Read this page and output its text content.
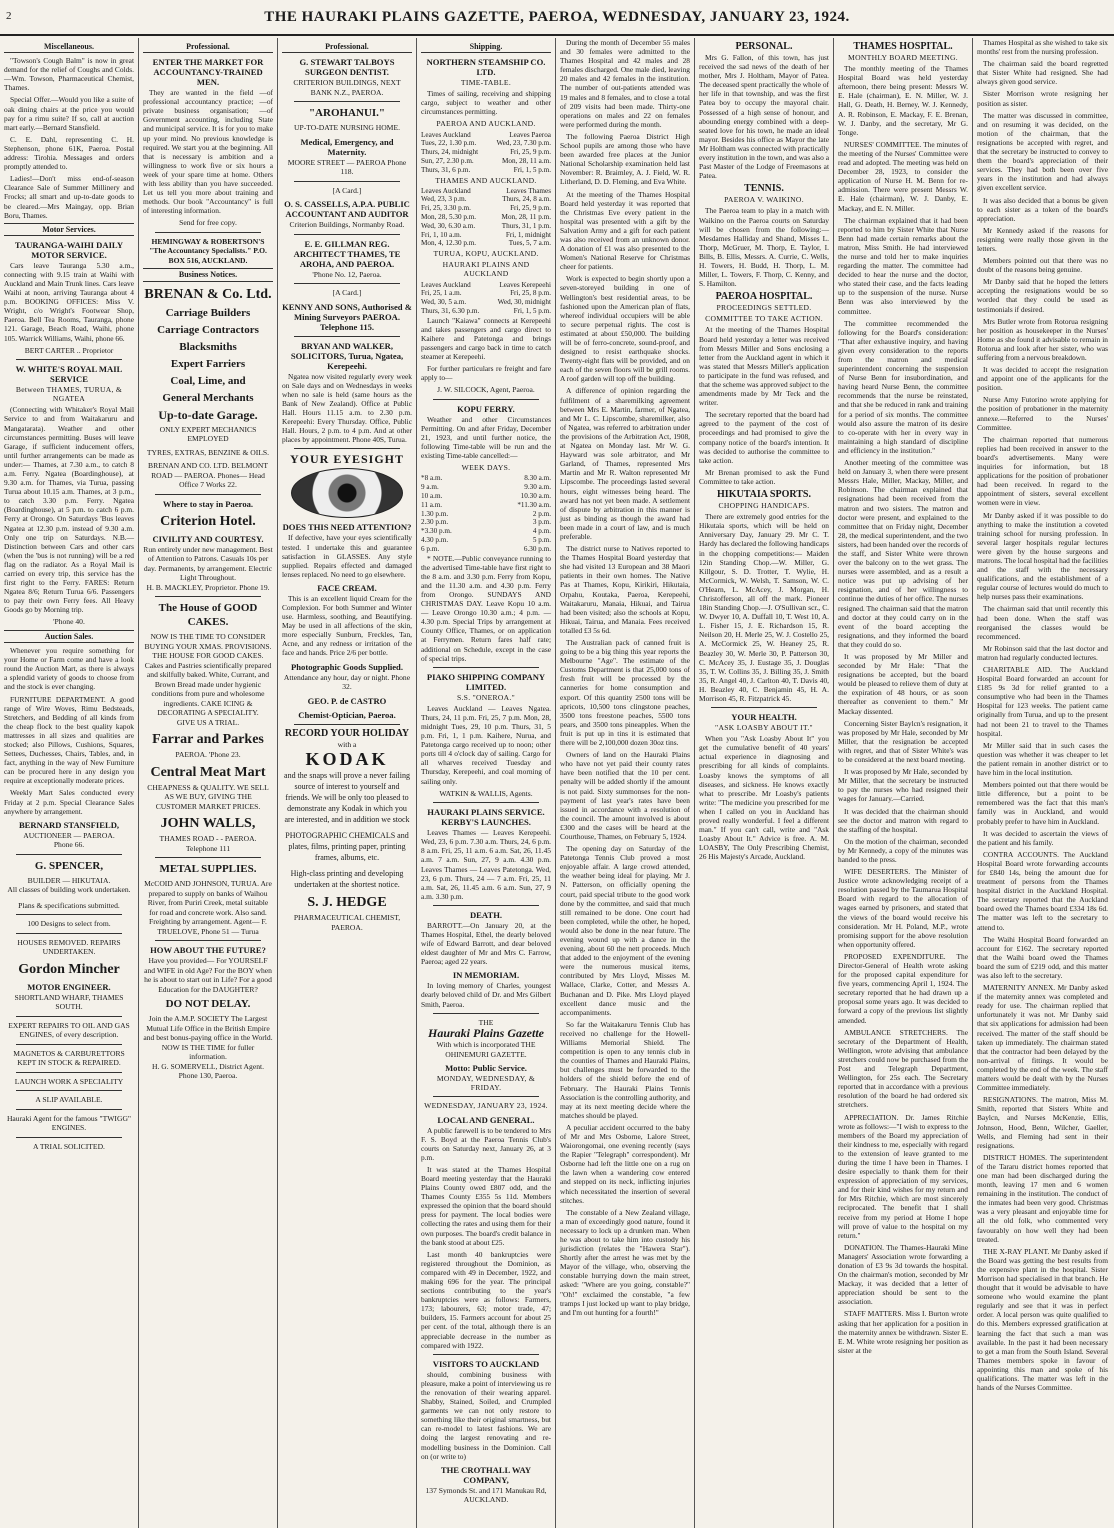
2	THE HAURAKI PLAINS GAZETTE, PAEROA, WEDNESDAY, JANUARY 23, 1924.
Miscellaneous.
"Towson's Cough Balm" is now in great demand for the relief of Coughs and Colds.—Wm. Towson, Pharmaceutical Chemist, Thames.
Special Offer.—Would you like a suite of oak dining chairs at the price you would pay for a rimu suite? If so, call at auction mart early.—Bernard Stansfield.
C. E. Dahl, representing C. H. Stephenson, phone 61K, Paeroa. Postal address: Tirohia. Messages and orders promptly attended to.
Ladies!—Don't miss end-of-season Clearance Sale of Summer Millinery and Frocks; all smart and up-to-date goods to be cleared.—Mrs Maingay, opp. Brian Boru, Thames.
Motor Services.
TAURANGA-WAIHI DAILY MOTOR SERVICE.
Cars leave Tauranga 5.30 a.m., connecting with 9.15 train at Waihi with Auckland and Main Trunk lines. Cars leave Waihi at noon, arriving Tauranga about 4 p.m. BOOKING OFFICES: Miss V. Wright, c/o Wright's Footwear Shop, Paeroa. Bell Tea Rooms, Tauranga, phone 121. Garage, Beach Road, Waihi, phone 105. Warrick Williams, Waihi, phone 66.
BERT CARTER .. Proprietor
W. WHITE'S ROYAL MAIL SERVICE
Between THAMES, TURUA, & NGATEA
(Connecting with Whitaker's Royal Mail Service to and from Waitakaruru and Mangatarata). Weather and other circumstances permitting. Buses will leave Garage, if sufficient inducement offers, until further arrangements can be made as under:— Thames, at 7.30 a.m., to catch 8 a.m. Ferry. Ngatea (Boardinghouse), at 9.30 a.m. for Thames, via Turua, passing Turua about 10.15 a.m. Thames, at 3 p.m., to catch 3.30 p.m. Ferry. Ngatea (Boardinghouse), at 5 p.m. to catch 6 p.m. Ferry at Orongo. On Saturdays 'Bus leaves Ngatea at 12.30 p.m. instead of 9.30 a.m. Only one trip on Saturdays. N.B.—Distinction between Cars and other cars (when the 'bus is not running) will be a red flag on the radiator. As a Royal Mail is carried on every trip, this service has the first right to the Ferry. FARES: Return Ngatea 8/6; Return Turua 6/6. Passengers to pay their own Ferry fees. All Heavy Goods go by Morning trip.
'Phone 40.
Auction Sales.
Whenever you require something for your Home or Farm come and have a look round the Auction Mart, as there is always a splendid variety of goods to choose from and the stock is ever changing.
FURNITURE DEPARTMENT. A good range of Wire Woves, Rimu Bedsteads, Stretchers, and Bedding of all kinds from the cheap flock to the best quality kapok mattresses in all sizes and qualities are stocked; also Pillows, Cushions, Squares, Settees, Duchesses, Chairs, Tables, and, in fact, anything in the way of New Furniture can be procured here in any design you require at exceptionally moderate prices.
Weekly Mart Sales conducted every Friday at 2 p.m. Special Clearance Sales anywhere by arrangement.
BERNARD STANSFIELD,
AUCTIONEER — PAEROA.
Phone 66.
G. SPENCER,
BUILDER — HIKUTAIA.
All classes of building work undertaken.
Plans & specifications submitted.
100 Designs to select from.
HOUSES REMOVED. REPAIRS UNDERTAKEN.
Gordon Mincher
MOTOR ENGINEER.
SHORTLAND WHARF, THAMES SOUTH.
EXPERT REPAIRS TO OIL AND GAS ENGINES, of every description.
MAGNETOS & CARBURETTORS KEPT IN STOCK & REPAIRED.
LAUNCH WORK A SPECIALITY
A SLIP AVAILABLE.
Hauraki Agent for the famous "TWIGG" ENGINES.
A TRIAL SOLICITED.
Professional.
ENTER THE MARKET FOR ACCOUNTANCY-TRAINED MEN.
They are wanted in the field —of professional accountancy practice; —of private business organisation; —of Government accounting, including State and municipal service. It is for you to make up your mind. No previous knowledge is required. We start you at the beginning. All that is necessary is ambition and a willingness to work five or six hours a week of your spare time at home. Others with less ability than you have succeeded. Let us tell you more about training and methods. Our book "Accountancy" is full of interesting information.
Send for free copy.
HEMINGWAY & ROBERTSON'S "The Accountancy Specialists." P.O. BOX 516, AUCKLAND.
Business Notices.
BRENAN & Co. Ltd.
Carriage Builders
Carriage Contractors
Blacksmiths
Expert Farriers
Coal, Lime, and
General Merchants
Up-to-date Garage.
ONLY EXPERT MECHANICS EMPLOYED
TYRES, EXTRAS, BENZINE & OILS.
BRENAN AND CO. LTD. BELMONT ROAD — PAEROA. Phones— Head Office 7 Works 22.
Where to stay in Paeroa.
Criterion Hotel.
CIVILITY AND COURTESY.
Run entirely under new management. Best of Attention to Patrons. Casuals 10s per day. Permanents, by arrangement. Electric Light Throughout.
H. B. MACKLEY, Proprietor. Phone 19.
The House of GOOD CAKES.
NOW IS THE TIME TO CONSIDER BUYING YOUR XMAS. PROVISIONS. THE HOUSE FOR GOOD CAKES. Cakes and Pastries scientifically prepared and skilfully baked. White, Currant, and Brown Bread made under hygienic conditions from pure and wholesome ingredients. CAKE ICING & DECORATING A SPECIALITY.
GIVE US A TRIAL.
Farrar and Parkes
PAEROA. 'Phone 23.
Central Meat Mart
CHEAPNESS & QUALITY. WE SELL AS WE BUY, GIVING THE CUSTOMER MARKET PRICES.
JOHN WALLS,
THAMES ROAD - - PAEROA. Telephone 111
METAL SUPPLIES.
McCOID AND JOHNSON, TURUA. Are prepared to supply on banks of Waihou River, from Puriri Creek, metal suitable for road and concrete work. Also sand. Freighting by arrangement. Agent— F. TRUELOVE, Phone 51 — Turua
HOW ABOUT THE FUTURE?
Have you provided— For YOURSELF and WIFE in old Age? For the BOY when he is about to start out in Life? For a good Education for the DAUGHTER?
DO NOT DELAY.
Join the A.M.P. SOCIETY The Largest Mutual Life Office in the British Empire and best bonus-paying office in the World.
NOW IS THE TIME for fuller information.
H. G. SOMERVELL, District Agent. Phone 130, Paeroa.
Professional.
G. STEWART TALBOYS SURGEON DENTIST.
CRITERION BUILDINGS, NEXT BANK N.Z., PAEROA.
"AROHANUI."
UP-TO-DATE NURSING HOME.
Medical, Emergency, and Maternity.
MOORE STREET — PAEROA Phone 118.
[A Card.]
O. S. CASSELLS, A.P.A. PUBLIC ACCOUNTANT AND AUDITOR
Criterion Buildings, Normanby Road.
E. E. GILLMAN REG. ARCHITECT THAMES, TE AROHA, AND PAEROA.
'Phone No. 12, Paeroa.
[A Card.]
KENNY AND SONS, Authorised & Mining Surveyors PAEROA. Telephone 115.
BRYAN AND WALKER, SOLICITORS, Turua, Ngatea, Kerepeehi.
Ngatea now visited regularly every week on Sale days and on Wednesdays in weeks when no sale is held (same hours as the Bank of New Zealand). Office at Public Hall. Hours 11.15 a.m. to 2.30 p.m. Kerepeehi: Every Thursday. Office, Public Hall. Hours, 2 p.m. to 4 p.m. And at other places by appointment. Phone 40S, Turua.
YOUR EYESIGHT
DOES THIS NEED ATTENTION?
If defective, have your eyes scientifically tested. I undertake this and guarantee satisfaction in GLASSES. Any style supplied. Repairs effected and damaged lenses replaced. No need to go elsewhere.
FACE CREAM.
This is an excellent liquid Cream for the Complexion. For both Summer and Winter use. Harmless, soothing, and Beautifying. May be used in all affections of the skin, more especially Sunburn, Freckles, Tan, Acne, and any redness or irritation of the face and hands. Price 2/6 per bottle.
Photographic Goods Supplied.
Attendance any hour, day or night. Phone 32.
GEO. P. de CASTRO
Chemist-Optician, Paeroa.
RECORD YOUR HOLIDAY
with a
KODAK
and the snaps will prove a never failing source of interest to yourself and friends. We will be only too pleased to demonstrate any Kodak in which you are interested, and in addition we stock
PHOTOGRAPHIC CHEMICALS and plates, films, printing paper, printing frames, albums, etc.
High-class printing and developing undertaken at the shortest notice.
S. J. HEDGE
PHARMACEUTICAL CHEMIST, PAEROA.
Shipping.
NORTHERN STEAMSHIP CO. LTD.
TIME-TABLE.
Times of sailing, receiving and shipping cargo, subject to weather and other circumstances permitting.
PAEROA AND AUCKLAND.
Leaves Auckland	Leaves Paeroa
Tues, 22, 1.30 p.m.	Wed, 23, 7.30 p.m.
Thurs, 24, midnight	Fri, 25, 9 p.m.
Sun, 27, 2.30 p.m.	Mon, 28, 11 a.m.
Thurs, 31, 6 p.m.	Fri, 1, 5 p.m.
THAMES AND AUCKLAND.
Leaves Auckland	Leaves Thames
Wed, 23, 3 p.m.	Thurs, 24, 8 a.m.
Fri, 25, 3.30 p.m.	Fri, 25, 9 p.m.
Mon, 28, 5.30 p.m.	Mon, 28, 11 p.m.
Wed, 30, 6.30 a.m.	Thurs, 31, 1 p.m.
Fri, 1, 10 a.m.	Fri, 1, midnight
Mon, 4, 12.30 p.m.	Tues, 5, 7 a.m.
TURUA, KOPU, AUCKLAND.
HAURAKI PLAINS AND AUCKLAND
Leaves Auckland	Leaves Kerepeehi
Fri, 25, 1 a.m.	Fri, 25, 8 p.m.
Wed, 30, 5 a.m.	Wed, 30, midnight
Thurs, 31, 6.30 p.m.	Fri, 1, 5 p.m.
Launch "Kaiawa" connects at Kerepeehi and takes passengers and cargo direct to Kaihere and Patetonga and brings passengers and cargo back in time to catch steamer at Kerepeehi.
For further particulars re freight and fare apply to—
J. W. SILCOCK, Agent, Paeroa.
KOPU FERRY.
Weather and other Circumstances Permitting. On and after Friday, December 21, 1923, and until further notice, the following Time-table will be run and the existing Time-table cancelled:—
WEEK DAYS.
*8 a.m.	8.30 a.m.
9 a.m.	9.30 a.m.
10 a.m.	10.30 a.m.
11 a.m.	*11.30 a.m.
1.30 p.m.	2 p.m.
2.30 p.m.	3 p.m.
*3.30 p.m.	4 p.m.
4.30 p.m.	5 p.m.
6 p.m.	6.30 p.m.
* NOTE.—Public conveyance running to the advertised Time-table have first right to the 8 a.m. and 3.30 p.m. Ferry from Kopu, and the 11.30 a.m. and 4.30 p.m. Ferry from Orongo. SUNDAYS AND CHRISTMAS DAY. Leave Kopu 10 a.m. — Leave Orongo 10.30 a.m.; 4 p.m. — 4.30 p.m. Special Trips by arrangement at County Office, Thames, or on application at Ferrymen. Return fares half rate; additional on Schedule, except in the case of special trips.
PIAKO SHIPPING COMPANY LIMITED.
S.S. "ONEROA."
Leaves Auckland — Leaves Ngatea. Thurs, 24, 11 p.m. Fri, 25, 7 p.m. Mon, 28, midnight Tues, 29, 10 p.m. Thurs, 31, 5 p.m. Fri, 1, 1 p.m. Kaihere, Nurua, and Patetonga cargo received up to noon; other ports till 4 o'clock day of sailing. Cargo for all wharves received Tuesday and Thursday, Kerepeehi, and coal morning of sailing only.
WATKIN & WALLIS, Agents.
HAURAKI PLAINS SERVICE. KERBY'S LAUNCHES.
Leaves Thames — Leaves Kerepeehi. Wed, 23, 6 p.m. 7.30 a.m. Thurs, 24, 6 p.m. 8 a.m. Fri, 25, 11 a.m. 6 a.m. Sat, 26, 11.45 a.m. 7 a.m. Sun, 27, 9 a.m. 4.30 p.m. Leaves Thames — Leaves Patetonga. Wed, 23, 6 p.m. Thurs, 24 — 7 a.m. Fri, 25, 11 a.m. Sat, 26, 11.45 a.m. 6 a.m. Sun, 27, 9 a.m. 3.30 p.m.
DEATH.
BARROTT.—On January 20, at the Thames Hospital, Ethel, the dearly beloved wife of Edward Barrott, and dear beloved eldest daughter of Mr and Mrs C. Farrow, Paeroa; aged 22 years.
IN MEMORIAM.
In loving memory of Charles, youngest dearly beloved child of Dr. and Mrs Gilbert Smith, Paeroa.
THE
Hauraki Plains Gazette
With which is incorporated THE OHINEMURI GAZETTE.
Motto: Public Service.
MONDAY, WEDNESDAY, & FRIDAY.
WEDNESDAY, JANUARY 23, 1924.
LOCAL AND GENERAL.
A public farewell is to be tendered to Mrs F. S. Boyd at the Paeroa Tennis Club's courts on Saturday next, January 26, at 3 p.m.
It was stated at the Thames Hospital Board meeting yesterday that the Hauraki Plains County owed £807 odd, and the Thames County £355 5s 11d. Members expressed the opinion that the board should press for payment. The local bodies were collecting the rates and using them for their own purposes. The board's credit balance in the bank stood at about £25.
Last month 40 bankruptcies were registered throughout the Dominion, as compared with 49 in December, 1922, and making 696 for the year. The principal sections contributing to the year's bankruptcies were as follows: Farmers, 173; labourers, 63; motor trade, 47; builders, 15. Farmers account for about 25 per cent. of the total, although there is an appreciable decrease in the number as compared with 1922.
VISITORS TO AUCKLAND
should, combining business with pleasure, make a point of interviewing us re the renovation of their wearing apparel. Shabby, Stained, Soiled, and Crumpled garments we can not only restore to something like their original smartness, but can re-model to latest fashions. We are doing the largest renovating and re-modelling business in the Dominion. Call on (or write to)
THE CROTHALL WAY COMPANY,
137 Symonds St. and 171 Manukau Rd, AUCKLAND.
During the month of December 55 males and 30 females were admitted to the Thames Hospital and 42 males and 28 females discharged. One male died, leaving 20 males and 42 females in the institution. The number of out-patients attended was 19 males and 8 females, and to close a total of 209 visits had been made. Thirty-one operations on males and 22 on females were performed during the month.
The following Paeroa District High School pupils are among those who have been awarded free places at the Junior National Scholarship examination held last November: R. Braimley, A. J. Field, W. R. Litherland, D. D. Fleming, and Eva White.
At the meeting of the Thames Hospital Board held yesterday it was reported that the Christmas Eve every patient in the hospital was presented with a gift by the Salvation Army and a gift for each patient was also received from an unknown donor. A donation of £1 was also presented to the Women's National Reserve for Christmas cheer for patients.
Work is expected to begin shortly upon a seven-storeyed building in one of Wellington's best residential areas, to be fashioned upon the American plan of flats, whereof individual occupiers will be able to secure perpetual rights. The cost is estimated at about £50,000. The building will be of ferro-concrete, sound-proof, and designed to resist earthquake shocks. Twenty-eight flats will be provided, and on each of the seven floors will be grill rooms. A roof garden will top off the building.
A difference of opinion regarding the fulfilment of a sharemilking agreement between Mrs E. Martin, farmer, of Ngatea, and Mr L. C. Lipscombe, sharemilker, also of Ngatea, was referred to arbitration under the provisions of the Arbitration Act, 1908, at Ngatea on Monday last. Mr W. G. Hayward was sole arbitrator, and Mr Garland, of Thames, represented Mrs Martin and Mr R. Walton represented Mr Lipscombe. The proceedings lasted several hours, eight witnesses being heard. The award has not yet been made. A settlement of dispute by arbitration in this manner is just as binding as though the award had been made in a court of law, and is much preferable.
The district nurse to Natives reported to the Thames Hospital Board yesterday that she had visited 13 European and 38 Maori patients in their own homes. The Native Pas at Thames, Kopu, Kirikiri, Hikutaia, Orpahu, Koutaka, Paeroa, Kerepeehi, Waitakaruru, Manaia, Hikuai, and Tairua had been visited; also the schools at Kopu, Hikuai, Tairua, and Manaia. Fees received totalled £3 5s 6d.
The Australian pack of canned fruit is going to be a big thing this year reports the Melbourne "Age". The estimate of the Customs Department is that 25,000 tons of fresh fruit will be processed by the canneries for home consumption and export. Of this quantity 2500 tons will be apricots, 10,500 tons clingstone peaches, 3500 tons freestone peaches, 5500 tons pears, and 3500 tons pineapples. When the fruit is put up in tins it is estimated that there will be 2,100,000 dozen 30oz tins.
Owners of land on the Hauraki Plains who have not yet paid their county rates have been notified that the 10 per cent. penalty will be added shortly if the amount is not paid. Sixty summonses for the non-payment of last year's rates have been issued in accordance with a resolution of the council. The amount involved is about £300 and the cases will be heard at the Courthouse, Thames, on February 5, 1924.
The opening day on Saturday of the Patetonga Tennis Club proved a most enjoyable affair. A large crowd attended, the weather being ideal for playing. Mr J. N. Patterson, on officially opening the court, paid special tribute to the good work done by the committee, and said that much still remained to be done. One court had been completed, while the other, he hoped, would also be done in the near future. The evening wound up with a dance in the evening, about 60 the nett proceeds. Much that added to the enjoyment of the evening were the numerous musical items, contributed by Mrs Lloyd, Misses M. Wallace, Clarke, Cotter, and Messrs A. Buchanan and D. Pike. Mrs Lloyd played excellent dance music and the accompaniments.
So far the Waitakaruru Tennis Club has received no challenge for the Howell-Williams Memorial Shield. The competition is open to any tennis club in the counties of Thames and Hauraki Plains, but challenges must be forwarded to the holders of the shield before the end of February. The Hauraki Plains Tennis Association is the controlling authority, and may at its next meeting decide where the matches should be played.
A peculiar accident occurred to the baby of Mr and Mrs Osborne, Lalore Street, Waiorongomai, one evening recently (says the Rapier "Telegraph" correspondent). Mr Osborne had left the little one on a rug on the lawn when a wandering cow entered and stepped on its neck, inflicting injuries which necessitated the insertion of several stitches.
The constable of a New Zealand village, a man of exceedingly good nature, found it necessary to lock up a drunken man. When he was about to take him into custody his jurisdiction (relates the "Hawera Star"). Shortly after the arrest he was met by the Mayor of the village, who, observing the constable hurrying down the main street, asked: "Where are you going, constable?" "Oh!" exclaimed the constable, "a few tramps I just locked up want to play bridge, and I'm out hunting for a fourth!"
PERSONAL.
Mrs G. Fallon, of this town, has just received the sad news of the death of her mother, Mrs J. Holtham, Mayor of Patea. The deceased spent practically the whole of her life in that township, and was the first Patea boy to occupy the mayoral chair. Possessed of a high sense of honour, and abounding energy combined with a deep-seated love for his town, he made an ideal mayor. Besides his office as Mayor the late Mr Holtham was connected with practically every institution in the town, and was also a Past Master of the Lodge of Freemasons at Patea.
TENNIS.
PAEROA V. WAIKINO.
The Paeroa team to play in a match with Waikino on the Paeroa courts on Saturday will be chosen from the following:— Mesdames Halliday and Shand, Misses L. Thorp, McGruer, M. Thorp, E. Taylor, I. Bills, B. Ellis, Messrs. A. Currie, C. Wells, H. Towers, H. Budd, H. Thorp, L. M. Miller, L. Towers, F. Thorp, C. Kenny, and S. Hamilton.
PAEROA HOSPITAL.
PROCEEDINGS SETTLED.
COMMITTEE TO TAKE ACTION.
At the meeting of the Thames Hospital Board held yesterday a letter was received from Messrs Miller and Sons enclosing a letter from the Auckland agent in which it was stated that Messrs Miller's application to participate in the fund was refused, and that the scheme was approved subject to the amendments made by Mr Teck and the writer.
The secretary reported that the board had agreed to the payment of the cost of proceedings and had promised to give the company notice of the board's intention. It was decided to authorise the committee to take action.
Mr Brenan promised to ask the Fund Committee to take action.
HIKUTAIA SPORTS.
CHOPPING HANDICAPS.
There are extremely good entries for the Hikutaia sports, which will be held on Anniversary Day, January 29. Mr C. T. Hardy has declared the following handicaps in the chopping competitions:— Maiden 12in Standing Chop.—W. Miller, G. Killgour, S. D. Trotter, T. Wylie, H. McCormick, W. Welsh, T. Samson, W. C. O'Hearn, L. McAcey, J. Morgan, H. Christofferson, all off the mark. Pioneer 18in Standing Chop.—J. O'Sullivan scr., C. W. Dwyer 10, A. Duffall 10, T. West 10, A. L. Fisher 15, J. E. Richardson 15, R. Neilson 20, H. Merle 25, W. J. Costello 25, A. McCormick 25, W. Heaney 25, R. Beazley 30, W. Merle 30, P. Patterson 30, C. McAcey 35, J. Eustage 35, J. Douglas 35, T. W. Collins 35, J. Billing 35, J. Smith 35, R. Angel 40, J. Carlton 40, T. Davis 40, H. Beazley 40, C. Benjamin 45, H. A. Morrison 45, R. Fitzpatrick 45.
YOUR HEALTH.
"ASK LOASBY ABOUT IT."
When you "Ask Loasby About It" you get the cumulative benefit of 40 years' actual experience in diagnosing and prescribing for all kinds of complaints. Loasby knows the symptoms of all diseases, and sickness. He knows exactly what to prescribe. Mr Loasby's patients write: "The medicine you prescribed for me when I called on you in Auckland has proved really wonderful. I feel a different man." If you can't call, write and "Ask Loasby About It." Advice is free. A. M. LOASBY, The Only Prescribing Chemist, 26 His Majesty's Arcade, Auckland.
THAMES HOSPITAL.
MONTHLY BOARD MEETING.
The monthly meeting of the Thames Hospital Board was held yesterday afternoon, there being present: Messrs W. E. Hale (chairman), E. N. Miller, W. J. Hall, G. Death, H. Berney, W. J. Kennedy, A. R. Robinson, E. Mackay, F. E. Brenan, W. J. Danby, and the secretary, Mr G. Tonge.
NURSES' COMMITTEE. The minutes of the meeting of the Nurses' Committee were read and adopted. The meeting was held on December 28, 1923, to consider the application of Nurse H. M. Benn for re-admission. There were present Messrs W. E. Hale (chairman), W. J. Danby, E. Mackay, and E. N. Miller.
The chairman explained that it had been reported to him by Sister White that Nurse Benn had made certain remarks about the matron, Miss Smith. He had interviewed the nurse and told her to make inquiries regarding the matter. The committee had decided to hear the nurse and the doctor, who stated their case, and the facts leading up to the suspension of the nurse. Nurse Benn was also interviewed by the committee.
The committee recommended the following for the Board's consideration: "That after exhaustive inquiry, and having given every consideration to the reports from the matron and medical superintendent concerning the suspension of Nurse Benn for insubordination, and having heard Nurse Benn, the committee recommends that the nurse be reinstated, and that she be reduced in rank and training for a period of six months. The committee would also assure the matron of its desire to co-operate with her in every way in maintaining a high standard of discipline and efficiency in the institution."
Another meeting of the committee was held on January 3, when there were present Messrs Hale, Miller, Mackay, Miller, and Robinson. The chairman explained that resignations had been received from the matron and two sisters. The matron and doctor were present, and explained to the committee that on Friday night, December 28, the medical superintendent, and the two sisters, had been handed over the records of the staff, and Sister White were thrown over the balcony on to the wet grass. The nurses were assembled, and as a result a notice was put up advising of her resignation, and of her willingness to continue the duties of her office. The nurses resigned. The chairman said that the matron and doctor at they could carry on in the event of the board accepting the resignations, and they informed the board that they could do so.
It was proposed by Mr Miller and seconded by Mr Hale: "That the resignations be accepted, but the board would be pleased to relieve them of duty at the expiration of 48 hours, or as soon thereafter as convenient to them." Mr Mackay dissented.
Concerning Sister Baylcn's resignation, it was proposed by Mr Hale, seconded by Mr Miller, that the resignation be accepted with regret, and that of Sister White's was to be considered at the next board meeting.
It was proposed by Mr Hale, seconded by Mr Miller, that the secretary be instructed to pay the nurses who had resigned their wages for January.—Carried.
It was decided that the chairman should see the doctor and matron with regard to the staffing of the hospital.
On the motion of the chairman, seconded by Mr Kennedy, a copy of the minutes was handed to the press.
WIFE DESERTERS. The Minister of Justice wrote acknowledging receipt of a resolution passed by the Taumarua Hospital Board with regard to the allocation of wages earned by prisoners, and stated that the views of the board would receive his consideration. Mr H. Poland, M.P., wrote promising support for the above resolution when opportunity offered.
PROPOSED EXPENDITURE. The Director-General of Health wrote asking for the proposed capital expenditure for five years, commencing April 1, 1924. The secretary reported that he had drawn up a proposal some years ago. It was decided to forward a copy of the previous list slightly amended.
AMBULANCE STRETCHERS. The secretary of the Department of Health, Wellington, wrote advising that ambulance stretchers could now be purchased from the Post and Telegraph Department, Wellington, for 25s each. The Secretary reported that in accordance with a previous resolution of the board he had ordered six stretchers.
APPRECIATION. Dr. James Ritchie wrote as follows:—"I wish to express to the members of the Board my appreciation of their kindness to me, especially with regard to the extension of leave granted to me during the time I have been in Thames. I desire especially to thank them for their expression of appreciation of my services, and for their kind wishes for my return and for Mrs Ritchie, which are most sincerely reciprocated. The benefit that I shall receive from my period at Home I hope will prove of value to the hospital on my return."
DONATION. The Thames-Hauraki Mine Managers' Association wrote forwarding a donation of £3 9s 3d towards the hospital. On the chairman's motion, seconded by Mr Mackay, it was decided that a letter of appreciation should be sent to the association.
STAFF MATTERS. Miss I. Burton wrote asking that her application for a position in the maternity annex be withdrawn. Sister E. E. M. White wrote resigning her position as sister at the
Thames Hospital as she wished to take six months' rest from the nursing profession.
The chairman said the board regretted that Sister White had resigned. She had always given good service.
Sister Morrison wrote resigning her position as sister.
The matter was discussed in committee, and on resuming it was decided, on the motion of the chairman, that the resignations be accepted with regret, and that the secretary be instructed to convey to them the board's appreciation of their services. They had both been over five years in the institution and had always given excellent service.
It was also decided that a bonus be given to each sister as a token of the board's appreciation.
Mr Kennedy asked if the reasons for resigning were really those given in the letters.
Members pointed out that there was no doubt of the reasons being genuine.
Mr Danby said that he hoped the letters accepting the resignations would be so worded that they could be used as testimonials if desired.
Mrs Butler wrote from Rotorua resigning her position as housekeeper in the Nurses' Home as she found it advisable to remain in Rotorua and look after her sister, who was suffering from a nervous breakdown.
It was decided to accept the resignation and appoint one of the applicants for the position.
Nurse Amy Futorino wrote applying for the position of probationer in the maternity annexe.—Referred to the Nurses' Committee.
The chairman reported that numerous replies had been received in answer to the board's advertisements. Many were inquiries for information, but 18 applications for the position of probationer had been received. In regard to the appointment of sisters, several excellent women were in view.
Mr Danby asked if it was possible to do anything to make the institution a coveted training school for nursing profession. In several larger hospitals regular lectures were given by the house surgeons and matrons. The local hospital had the facilities and the staff with the necessary qualifications, and the establishment of a regular course of lectures would do much to help nurses pass their examinations.
The chairman said that until recently this had been done. When the staff was reorganised the classes would be recommenced.
Mr Robinson said that the last doctor and matron had regularly conducted lectures.
CHARITABLE AID. The Auckland Hospital Board forwarded an account for £185 9s 3d for relief granted to a consumptive who had been in the Thames Hospital for 123 weeks. The patient came originally from Turua, and up to the present had not been 21 to travel to the Thames hospital.
Mr Miller said that in such cases the question was whether it was cheaper to let the patient remain in another district or to have him in the local institution.
Members pointed out that there would be little difference, but a point to be remembered was the fact that this man's family was in Auckland, and would probably prefer to have him in Auckland.
It was decided to ascertain the views of the patient and his family.
CONTRA ACCOUNTS. The Auckland Hospital Board wrote forwarding accounts for £840 14s, being the amount due for treatment of persons from the Thames hospital district in the Auckland Hospital. The secretary reported that the Auckland board owed the Thames board £334 18s 6d. The matter was left to the secretary to attend to.
The Waihi Hospital Board forwarded an account for £162. The secretary reported that the Waihi board owed the Thames board the sum of £219 odd, and this matter was also left to the secretary.
MATERNITY ANNEX. Mr Danby asked if the maternity annex was completed and ready for use. The chairman replied that unfortunately it was not. Mr Danby said that six applications for admission had been received. The matter of the staff should be taken up immediately. The chairman stated that the contractor had been delayed by the non-arrival of fittings. It would be completed by the end of the week. The staff matters would be dealt with by the Nurses Committee immediately.
RESIGNATIONS. The matron, Miss M. Smith, reported that Sisters White and Baylcn, and Nurses McKenzie, Ellis, Johnson, Hood, Benn, Wilcher, Gaeller, Wells, and Fleming had sent in their resignations.
DISTRICT HOMES. The superintendent of the Tararu district homes reported that one man had been discharged during the month, leaving 17 men and 6 women remaining in the institution. The conduct of the inmates had been very good. Christmas was a very pleasant and enjoyable time for all the old folk, who commented very favourably on how well they had been treated.
THE X-RAY PLANT. Mr Danby asked if the Board was getting the best results from the expensive plant in the hospital. Sister Morrison had specialised in that branch. He thought that it would be advisable to have someone who would examine the plant regularly and see that it was in perfect order. A local person was quite qualified to do this. Members expressed gratification at learning the fact that such a man was available. In the past it had been necessary to get a man from the South Island. Several Thames members spoke in favour of appointing this man and spoke of his qualifications. The matter was left in the hands of the Nurses Committee.
